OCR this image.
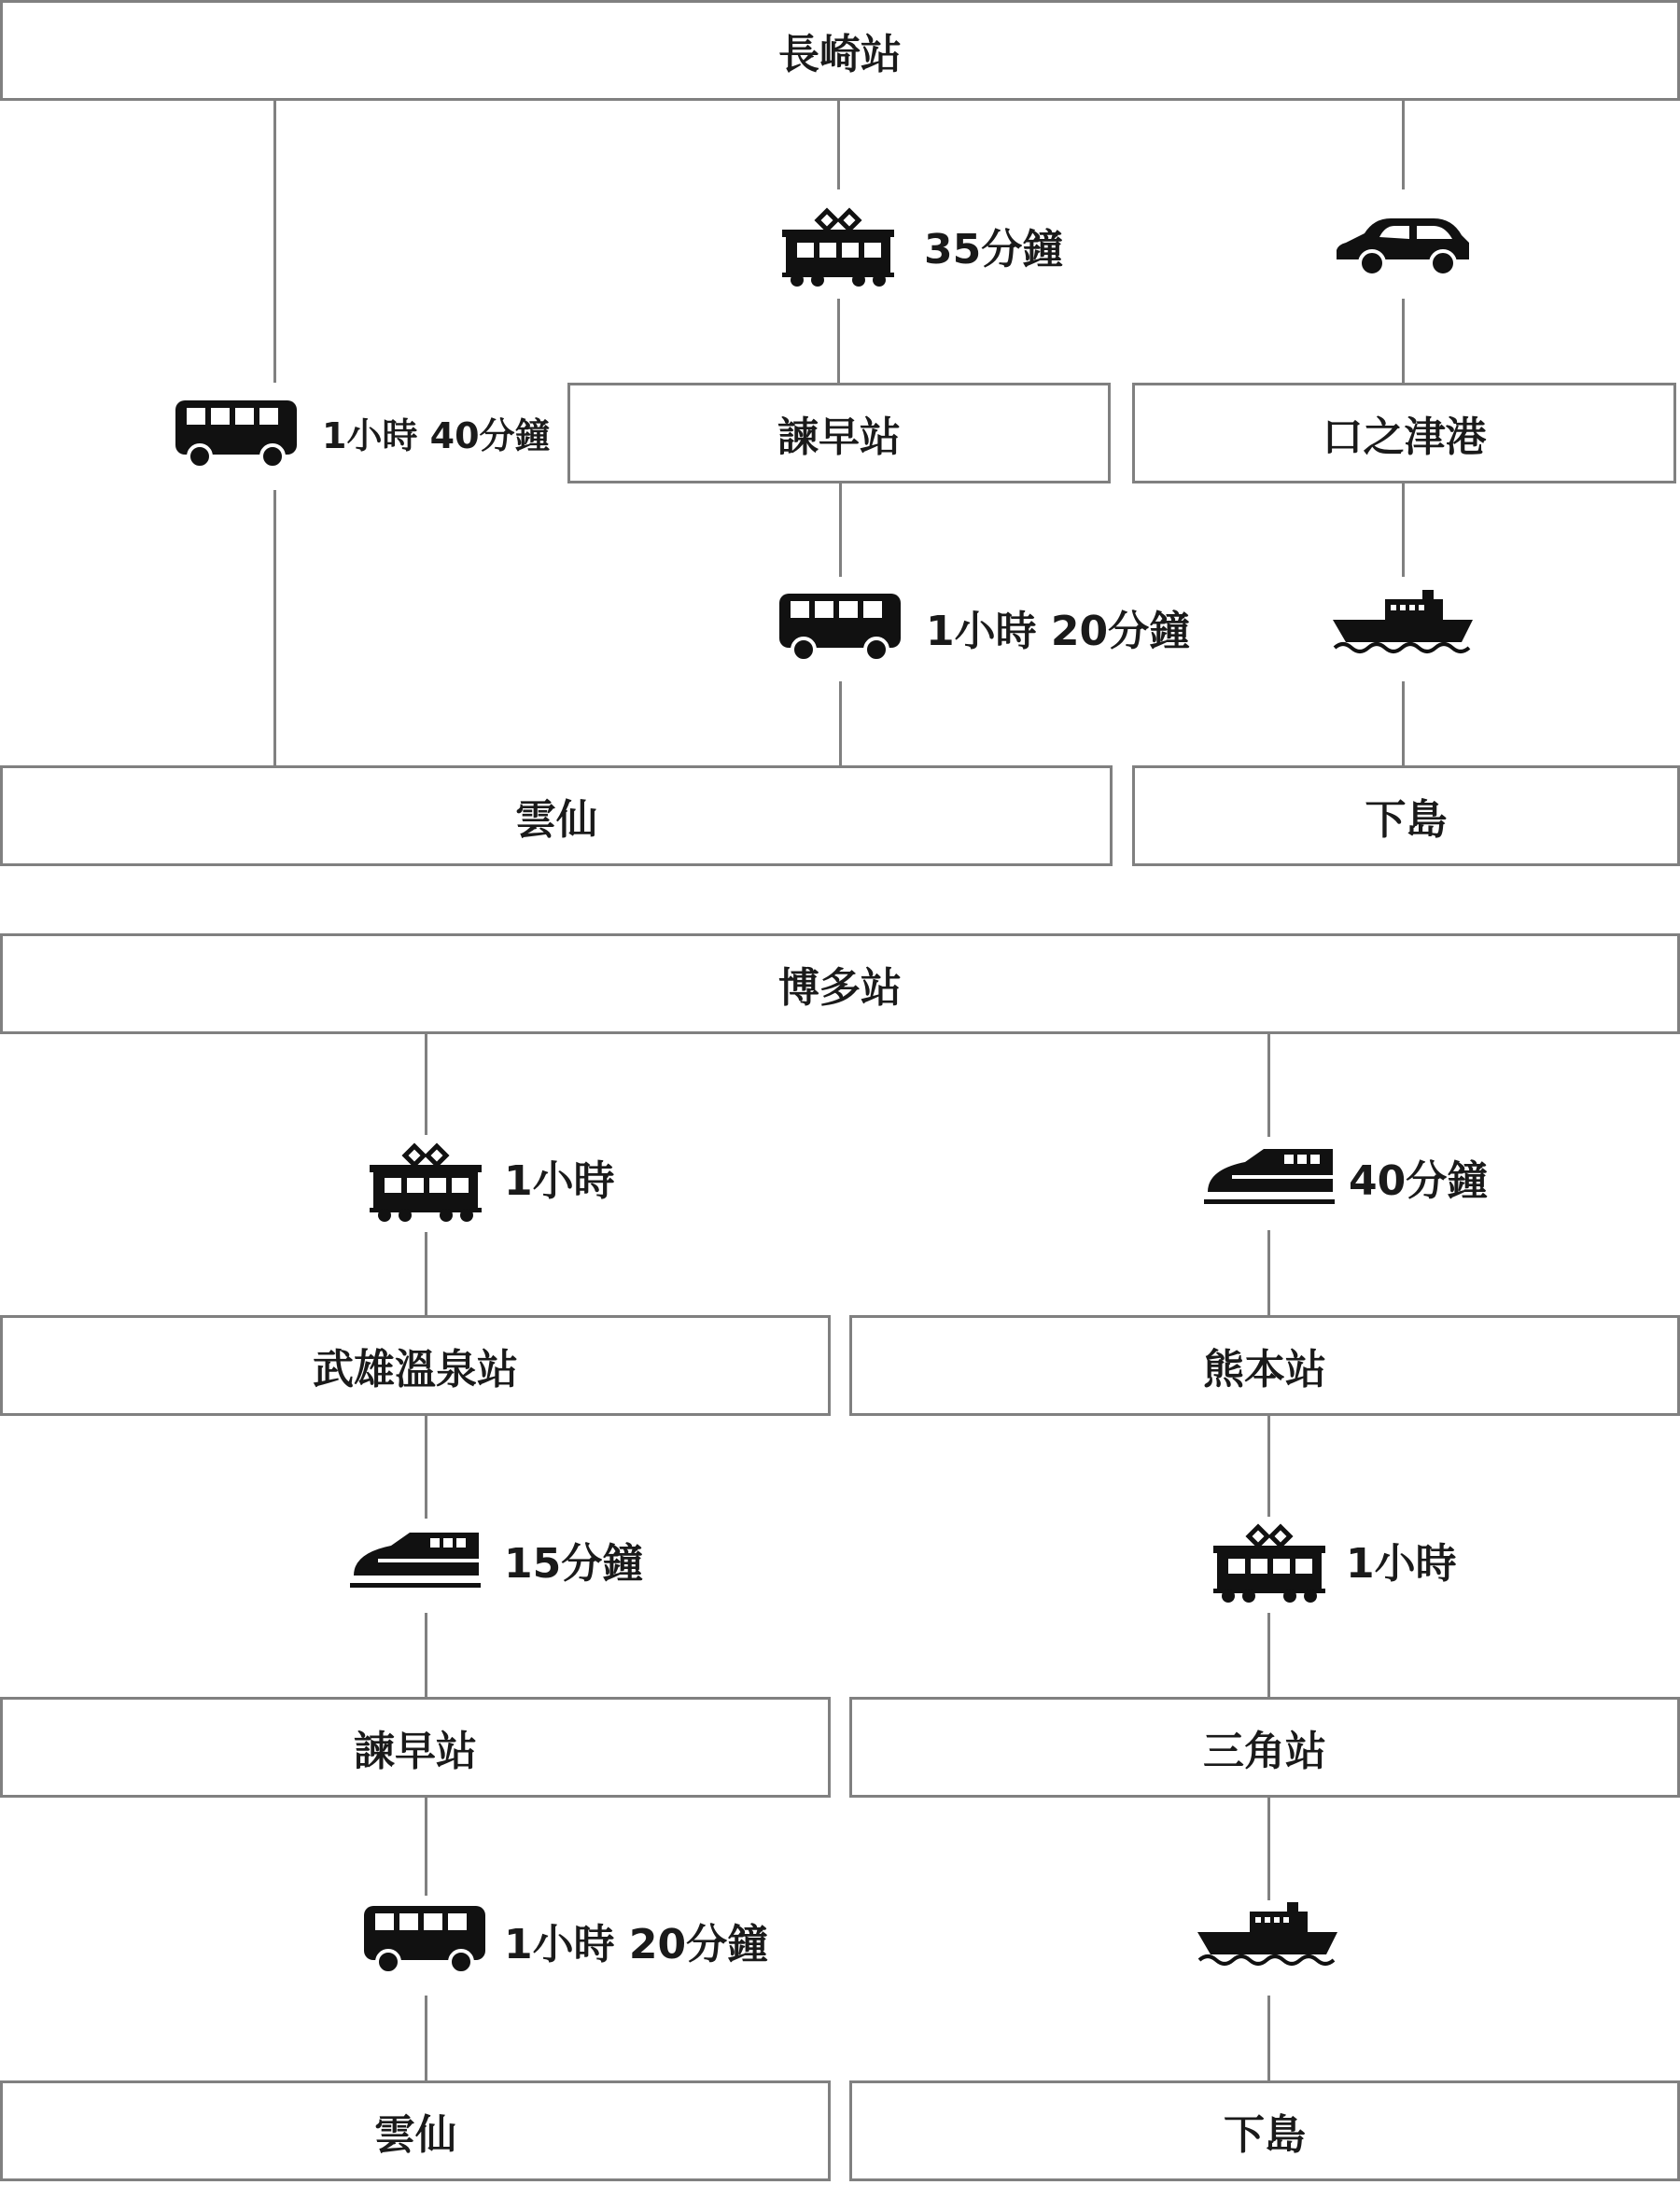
長崎站
1小時 40分鐘
35分鐘
諫早站
1小時 20分鐘
口之津港
雲仙	下島
博多站
1小時
武雄溫泉站
15分鐘
諫早站
1小時 20分鐘
雲仙
40分鐘
熊本站
1小時
三角站
下島
